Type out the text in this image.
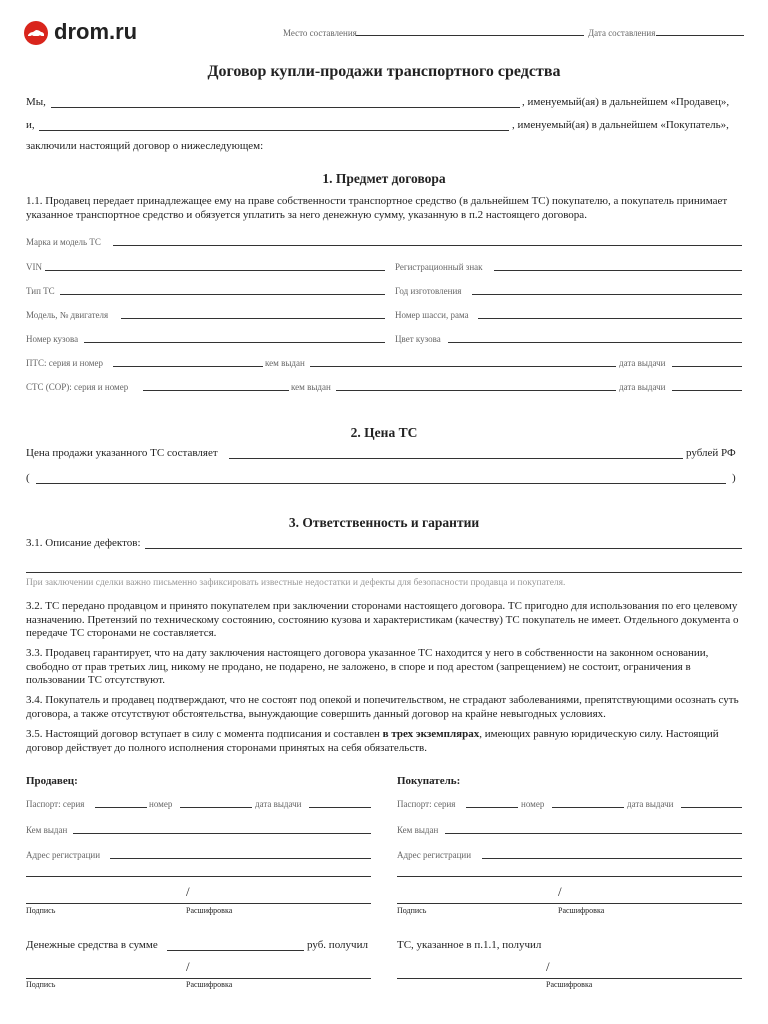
drom.ru	Место составления	Дата составления
Договор купли-продажи транспортного средства
Мы,	, именуемый(ая) в дальнейшем «Продавец»,
и,	, именуемый(ая) в дальнейшем «Покупатель»,
заключили настоящий договор о нижеследующем:
1. Предмет договора
1.1. Продавец передает принадлежащее ему на праве собственности транспортное средство (в дальнейшем ТС) покупателю, а покупатель принимает указанное транспортное средство и обязуется уплатить за него денежную сумму, указанную в п.2 настоящего договора.
Марка и модель ТС
VIN	Регистрационный знак
Тип ТС	Год изготовления
Модель, № двигателя	Номер шасси, рама
Номер кузова	Цвет кузова
ПТС: серия и номер	кем выдан	дата выдачи
СТС (СОР): серия и номер	кем выдан	дата выдачи
2. Цена ТС
Цена продажи указанного ТС составляет	рублей РФ
(	)
3. Ответственность и гарантии
3.1. Описание дефектов:
При заключении сделки важно письменно зафиксировать известные недостатки и дефекты для безопасности продавца и покупателя.
3.2. ТС передано продавцом и принято покупателем при заключении сторонами настоящего договора. ТС пригодно для использования по его целевому назначению. Претензий по техническому состоянию, состоянию кузова и характеристикам (качеству) ТС покупатель не имеет. Отдельного документа о передаче ТС сторонами не составляется.
3.3. Продавец гарантирует, что на дату заключения настоящего договора указанное ТС находится у него в собственности на законном основании, свободно от прав третьих лиц, никому не продано, не подарено, не заложено, в споре и под арестом (запрещением) не состоит, ограничения в пользовании ТС отсутствуют.
3.4. Покупатель и продавец подтверждают, что не состоят под опекой и попечительством, не страдают заболеваниями, препятствующими осознать суть договора, а также отсутствуют обстоятельства, вынуждающие совершить данный договор на крайне невыгодных условиях.
3.5. Настоящий договор вступает в силу с момента подписания и составлен в трех экземплярах, имеющих равную юридическую силу. Настоящий договор действует до полного исполнения сторонами принятых на себя обязательств.
Продавец:
Паспорт: серия	номер	дата выдачи
Кем выдан
Адрес регистрации
/
Подпись	Расшифровка
Денежные средства в сумме	руб. получил
/
Подпись	Расшифровка
Покупатель:
Паспорт: серия	номер	дата выдачи
Кем выдан
Адрес регистрации
/
Подпись	Расшифровка
ТС, указанное в п.1.1, получил
/
Расшифровка
